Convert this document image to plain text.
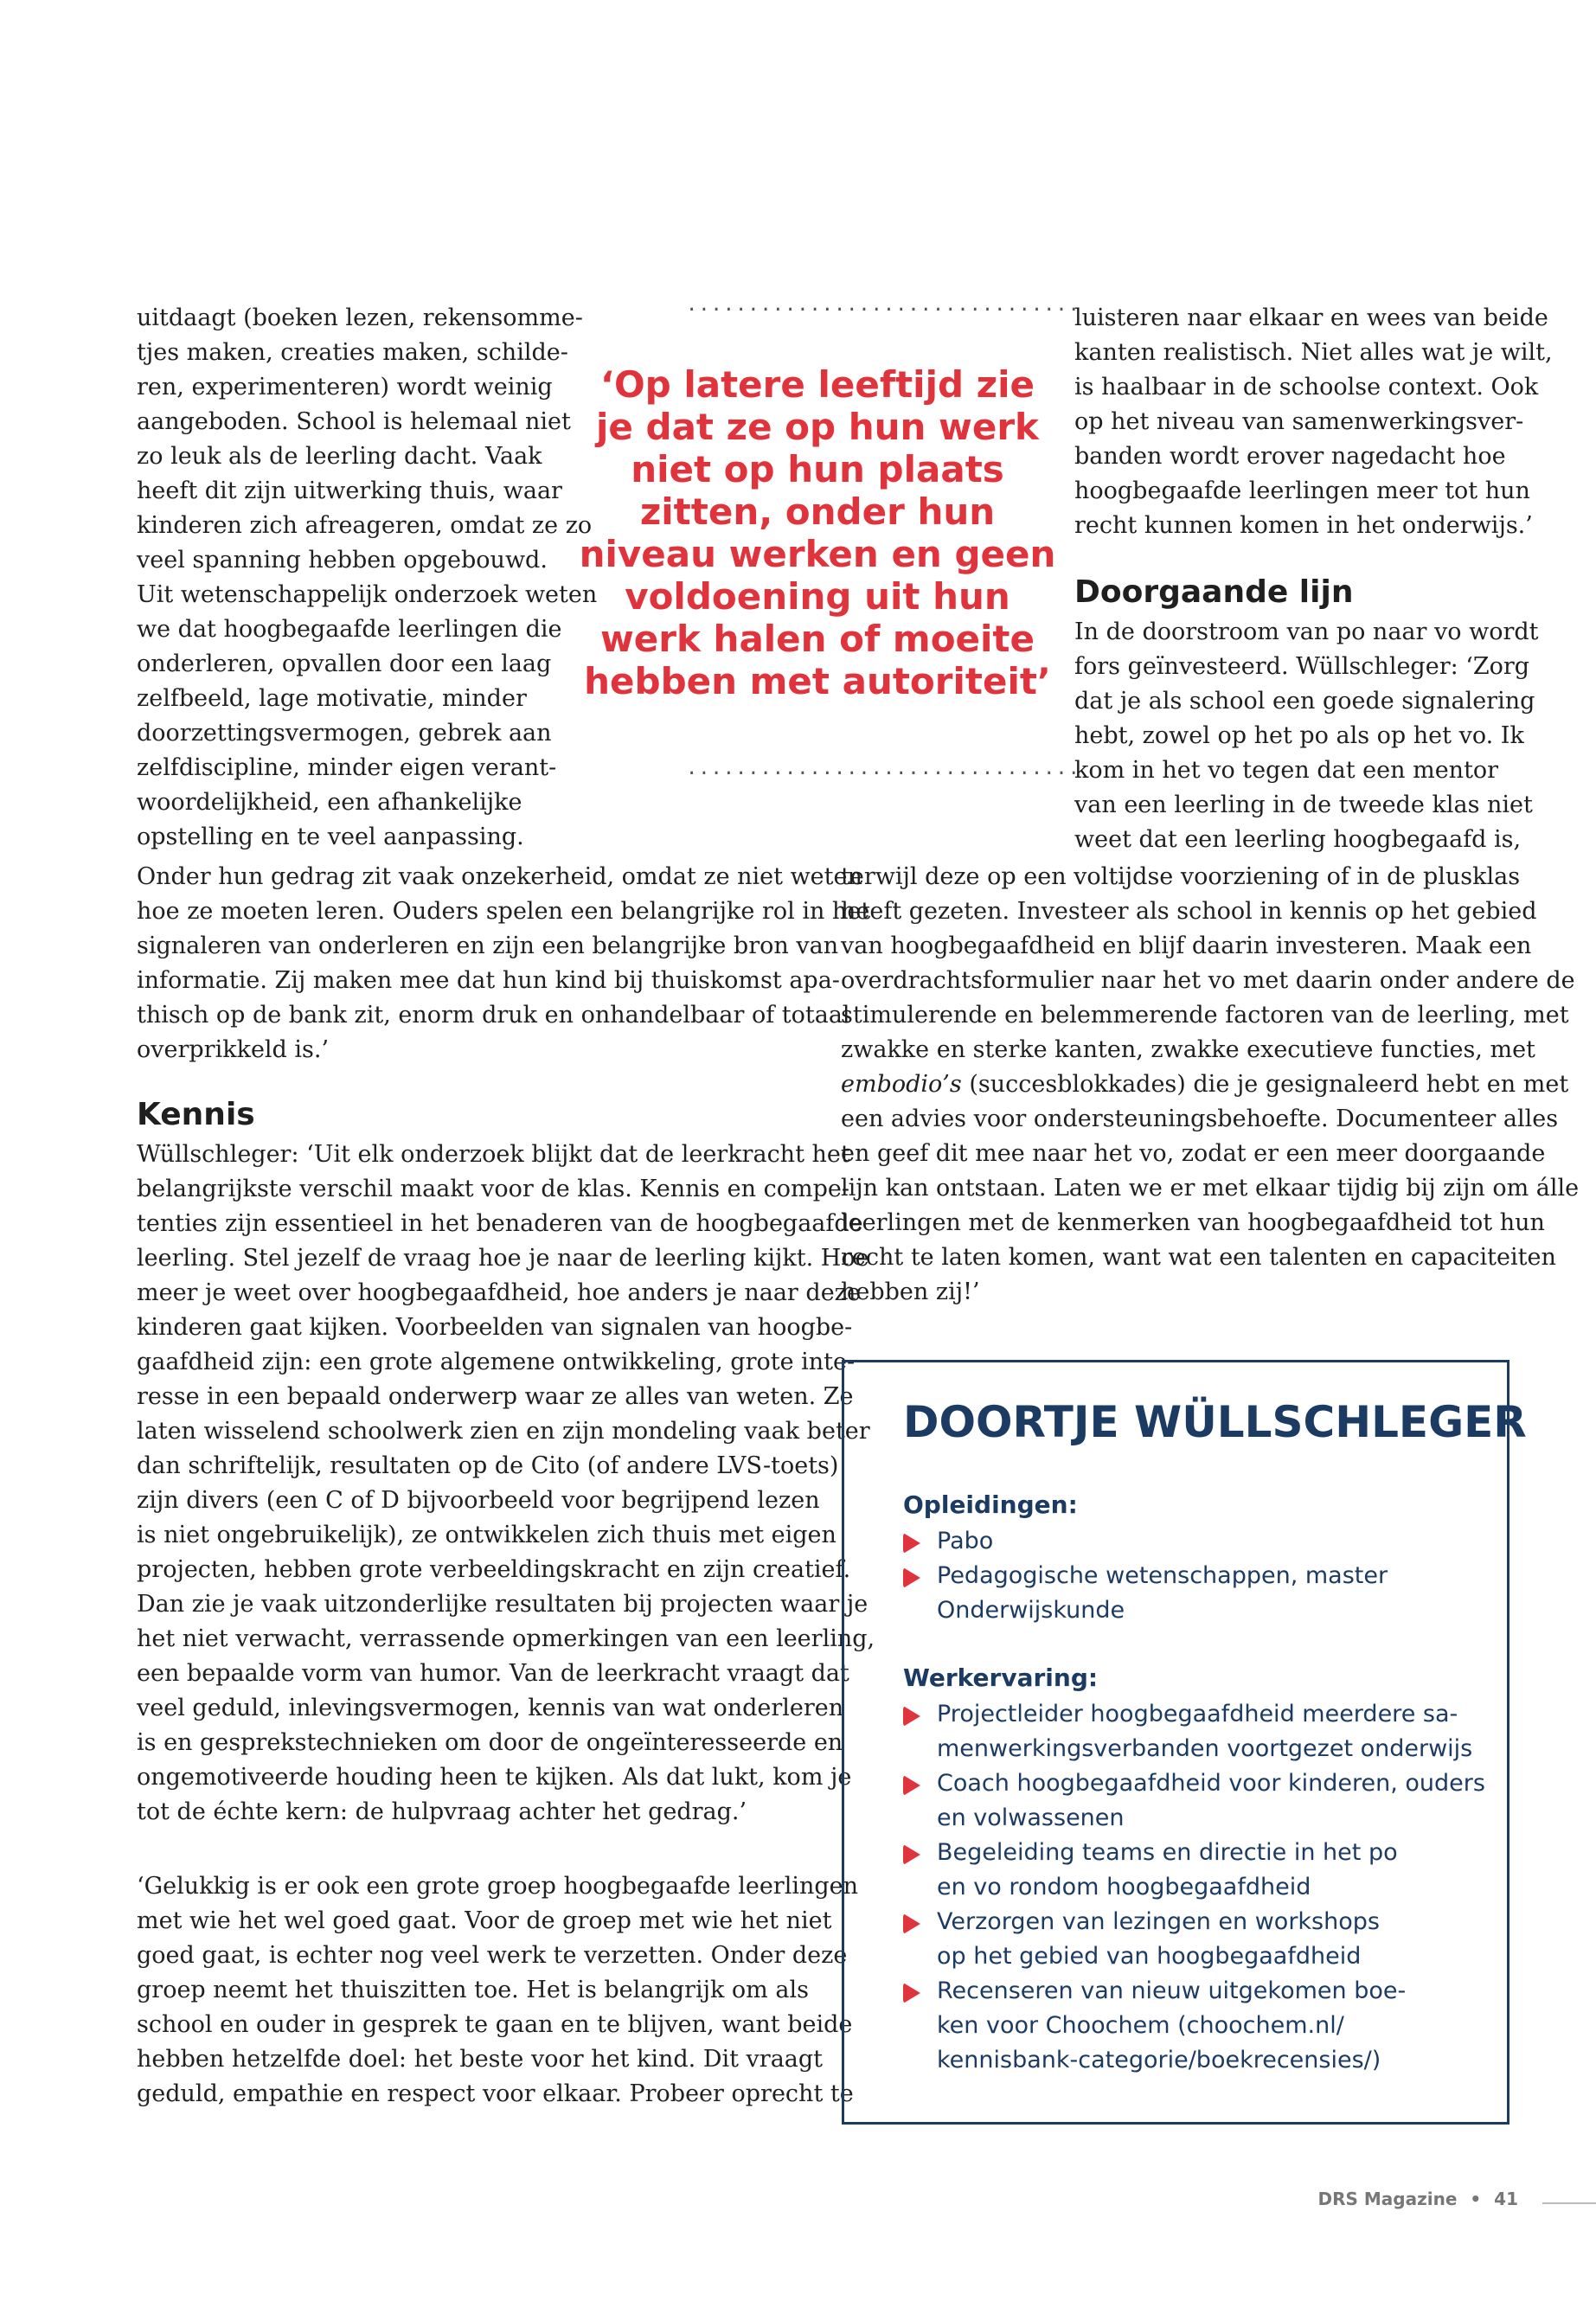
uitdaagt (boeken lezen, rekensomme-
tjes maken, creaties maken, schilde-
ren, experimenteren) wordt weinig
aangeboden. School is helemaal niet
zo leuk als de leerling dacht. Vaak
heeft dit zijn uitwerking thuis, waar
kinderen zich afreageren, omdat ze zo
veel spanning hebben opgebouwd.
Uit wetenschappelijk onderzoek weten
we dat hoogbegaafde leerlingen die
onderleren, opvallen door een laag
zelfbeeld, lage motivatie, minder
doorzettingsvermogen, gebrek aan
zelfdiscipline, minder eigen verant-
woordelijkheid, een afhankelijke
opstelling en te veel aanpassing.
Onder hun gedrag zit vaak onzekerheid, omdat ze niet weten
hoe ze moeten leren. Ouders spelen een belangrijke rol in het
signaleren van onderleren en zijn een belangrijke bron van
informatie. Zij maken mee dat hun kind bij thuiskomst apa-
thisch op de bank zit, enorm druk en onhandelbaar of totaal
overprikkeld is.’
Kennis
Wüllschleger: ‘Uit elk onderzoek blijkt dat de leerkracht het
belangrijkste verschil maakt voor de klas. Kennis en compe-
tenties zijn essentieel in het benaderen van de hoogbegaafde
leerling. Stel jezelf de vraag hoe je naar de leerling kijkt. Hoe
meer je weet over hoogbegaafdheid, hoe anders je naar deze
kinderen gaat kijken. Voorbeelden van signalen van hoogbe-
gaafdheid zijn: een grote algemene ontwikkeling, grote inte-
resse in een bepaald onderwerp waar ze alles van weten. Ze
laten wisselend schoolwerk zien en zijn mondeling vaak beter
dan schriftelijk, resultaten op de Cito (of andere LVS-toets)
zijn divers (een C of D bijvoorbeeld voor begrijpend lezen
is niet ongebruikelijk), ze ontwikkelen zich thuis met eigen
projecten, hebben grote verbeeldingskracht en zijn creatief.
Dan zie je vaak uitzonderlijke resultaten bij projecten waar je
het niet verwacht, verrassende opmerkingen van een leerling,
een bepaalde vorm van humor. Van de leerkracht vraagt dat
veel geduld, inlevingsvermogen, kennis van wat onderleren
is en gesprekstechnieken om door de ongeïnteresseerde en
ongemotiveerde houding heen te kijken. Als dat lukt, kom je
tot de échte kern: de hulpvraag achter het gedrag.’
‘Gelukkig is er ook een grote groep hoogbegaafde leerlingen
met wie het wel goed gaat. Voor de groep met wie het niet
goed gaat, is echter nog veel werk te verzetten. Onder deze
groep neemt het thuiszitten toe. Het is belangrijk om als
school en ouder in gesprek te gaan en te blijven, want beide
hebben hetzelfde doel: het beste voor het kind. Dit vraagt
geduld, empathie en respect voor elkaar. Probeer oprecht te
................................
‘Op latere leeftijd zie
je dat ze op hun werk
niet op hun plaats
zitten, onder hun
niveau werken en geen
voldoening uit hun
werk halen of moeite
hebben met autoriteit’
................................
luisteren naar elkaar en wees van beide
kanten realistisch. Niet alles wat je wilt,
is haalbaar in de schoolse context. Ook
op het niveau van samenwerkingsver-
banden wordt erover nagedacht hoe
hoogbegaafde leerlingen meer tot hun
recht kunnen komen in het onderwijs.’
Doorgaande lijn
In de doorstroom van po naar vo wordt
fors geïnvesteerd. Wüllschleger: ‘Zorg
dat je als school een goede signalering
hebt, zowel op het po als op het vo. Ik
kom in het vo tegen dat een mentor
van een leerling in de tweede klas niet
weet dat een leerling hoogbegaafd is,
terwijl deze op een voltijdse voorziening of in de plusklas
heeft gezeten. Investeer als school in kennis op het gebied
van hoogbegaafdheid en blijf daarin investeren. Maak een
overdrachtsformulier naar het vo met daarin onder andere de
stimulerende en belemmerende factoren van de leerling, met
zwakke en sterke kanten, zwakke executieve functies, met
embodio’s (succesblokkades) die je gesignaleerd hebt en met
een advies voor ondersteuningsbehoefte. Documenteer alles
en geef dit mee naar het vo, zodat er een meer doorgaande
lijn kan ontstaan. Laten we er met elkaar tijdig bij zijn om álle
leerlingen met de kenmerken van hoogbegaafdheid tot hun
recht te laten komen, want wat een talenten en capaciteiten
hebben zij!’
DOORTJE WÜLLSCHLEGER
Opleidingen:
Pabo
Pedagogische wetenschappen, master
Onderwijskunde
Werkervaring:
Projectleider hoogbegaafdheid meerdere sa-
menwerkingsverbanden voortgezet onderwijs
Coach hoogbegaafdheid voor kinderen, ouders
en volwassenen
Begeleiding teams en directie in het po
en vo rondom hoogbegaafdheid
Verzorgen van lezingen en workshops
op het gebied van hoogbegaafdheid
Recenseren van nieuw uitgekomen boe-
ken voor Choochem (choochem.nl/
kennisbank-categorie/boekrecensies/)
DRS Magazine • 41
